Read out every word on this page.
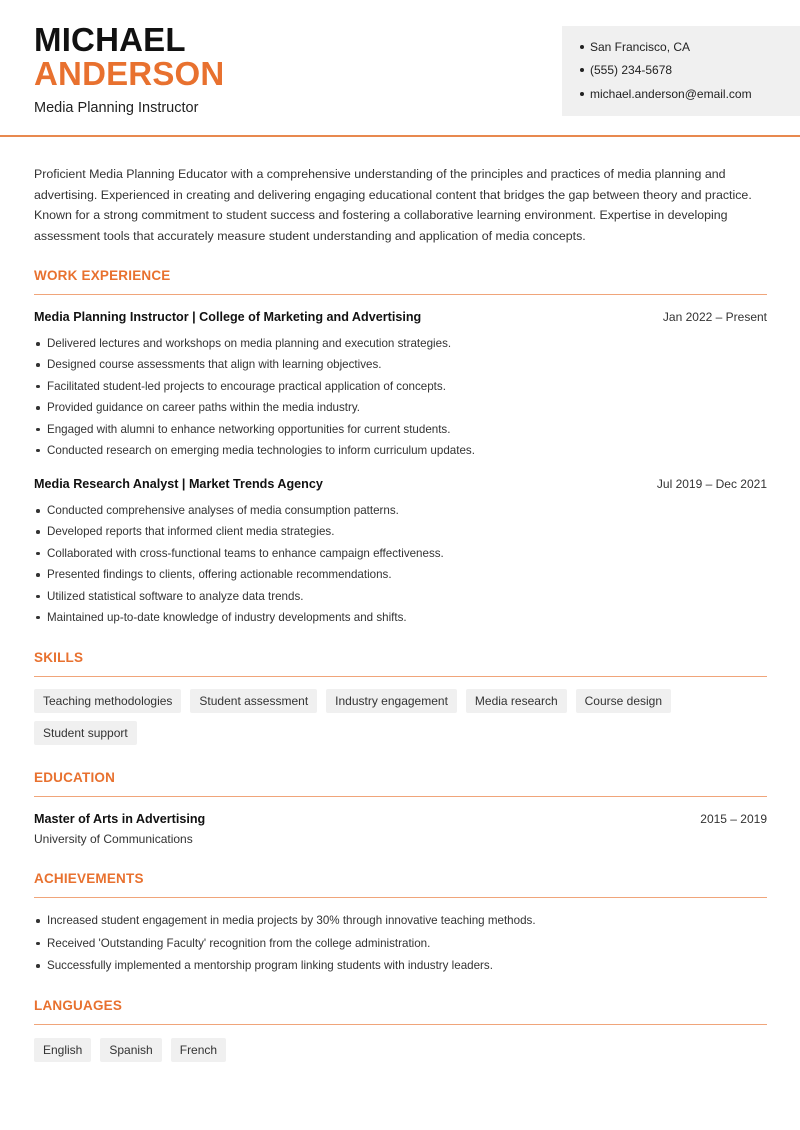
MICHAEL
ANDERSON
Media Planning Instructor
San Francisco, CA
(555) 234-5678
michael.anderson@email.com

Proficient Media Planning Educator with a comprehensive understanding of the principles and practices of media planning and advertising. Experienced in creating and delivering engaging educational content that bridges the gap between theory and practice. Known for a strong commitment to student success and fostering a collaborative learning environment. Expertise in developing assessment tools that accurately measure student understanding and application of media concepts.

WORK EXPERIENCE
Media Planning Instructor | College of Marketing and Advertising	Jan 2022 – Present
Delivered lectures and workshops on media planning and execution strategies.
Designed course assessments that align with learning objectives.
Facilitated student-led projects to encourage practical application of concepts.
Provided guidance on career paths within the media industry.
Engaged with alumni to enhance networking opportunities for current students.
Conducted research on emerging media technologies to inform curriculum updates.
Media Research Analyst | Market Trends Agency	Jul 2019 – Dec 2021
Conducted comprehensive analyses of media consumption patterns.
Developed reports that informed client media strategies.
Collaborated with cross-functional teams to enhance campaign effectiveness.
Presented findings to clients, offering actionable recommendations.
Utilized statistical software to analyze data trends.
Maintained up-to-date knowledge of industry developments and shifts.
SKILLS
Teaching methodologies	Student assessment	Industry engagement	Media research	Course design
Student support
EDUCATION
Master of Arts in Advertising	2015 – 2019
University of Communications
ACHIEVEMENTS
Increased student engagement in media projects by 30% through innovative teaching methods.
Received 'Outstanding Faculty' recognition from the college administration.
Successfully implemented a mentorship program linking students with industry leaders.
LANGUAGES
English	Spanish	French
